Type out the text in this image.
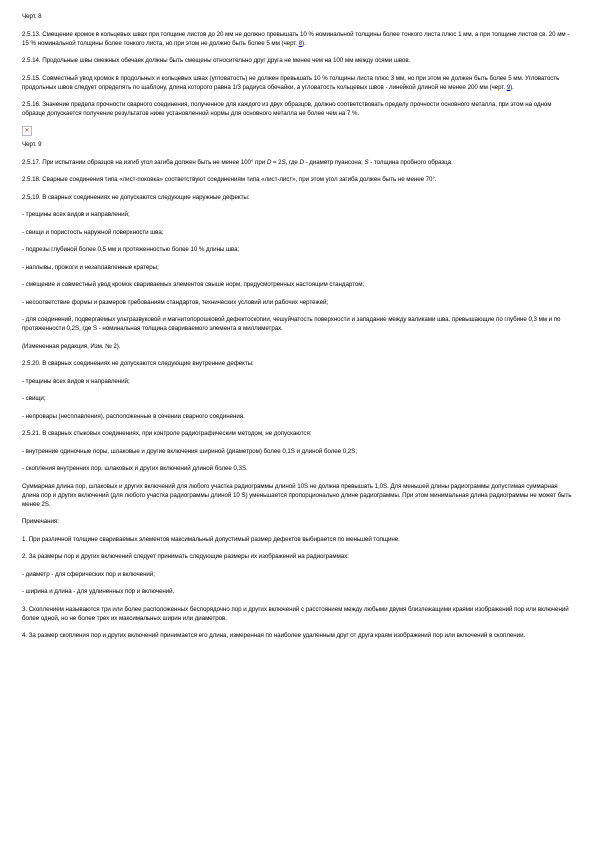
Черт. 8

2.5.13. Смещение кромок в кольцевых швах при толщине листов до 20 мм не должно превышать 10 % номинальной толщины более тонкого листа плюс 1 мм, а при толщине листов св. 20 мм - 15 % номинальной толщины более тонкого листа, но при этом не должно быть более 5 мм (черт. 8).

2.5.14. Продольные швы смежных обечаек должны быть смещены относительно друг друга не менее чем на 100 мм между осями швов.

2.5.15. Совместный увод кромок в продольных и кольцевых швах (угловатость) не должен превышать 10 % толщины листа плюс 3 мм, но при этом не должен быть более 5 мм. Угловатость продольных швов следует определять по шаблону, длина которого равна 1/3 радиуса обечайки, а угловатость кольцевых швов - линейкой длиной не менее 200 мм (черт. 9).

2.5.16. Значение предела прочности сварного соединения, полученное для каждого из двух образцов, должно соответствовать пределу прочности основного металла, при этом на одном образце допускается получение результатов ниже установленной нормы для основного металла не более чем на 7 %.

✕

Черт. 9

2.5.17. При испытании образцов на изгиб угол загиба должен быть не менее 100° при D = 2S, где D - диаметр пуансона; S - толщина пробного образца.

2.5.18. Сварные соединения типа «лист-поковка» соответствуют соединениям типа «лист-лист», при этом угол загиба должен быть не менее 70°.

2.5.19. В сварных соединениях не допускаются следующие наружные дефекты:

- трещины всех видов и направлений;

- свищи и пористость наружной поверхности шва;

- подрезы глубиной более 0,5 мм и протяженностью более 10 % длины шва;

- наплывы, прожоги и незаплавленные кратеры;

- смещение и совместный увод кромок свариваемых элементов свыше норм, предусмотренных настоящим стандартом;

- несоответствие формы и размеров требованиям стандартов, технических условий или рабочих чертежей;

- для соединений, подвергаемых ультразвуковой и магнитопорошковой дефектоскопии, чешуйчатость поверхности и западание между валиками шва, превышающие по глубине 0,3 мм и по протяженности 0,2S, где S - номинальная толщина свариваемого элемента в миллиметрах.

(Измененная редакция, Изм. № 2).

2.5.20. В сварных соединениях не допускаются следующие внутренние дефекты:

- трещины всех видов и направлений;

- свищи;

- непровары (несплавления), расположенные в сечении сварного соединения.

2.5.21. В сварных стыковых соединениях, при контроле радиографическим методом, не допускаются:

- внутренние одиночные поры, шлаковые и другие включения шириной (диаметром) более 0,1S и длиной более 0,2S;

- скопления внутренних пор, шлаковых и других включений длиной более 0,3S.

Суммарная длина пор, шлаковых и других включений для любого участка радиограммы длиной 10S не должна превышать 1,0S. Для меньшей длины радиограммы допустимая суммарная длина пор и других включений (для любого участка радиограммы длиной 10 S) уменьшается пропорционально длине радиограммы. При этом минимальная длина радиограммы не может быть менее 2S.

Примечания:

1. При различной толщине свариваемых элементов максимальный допустимый размер дефектов выбирается по меньшей толщине.

2. За размеры пор и других включений следует принимать следующие размеры их изображений на радиограммах:

- диаметр - для сферических пор и включений;

- ширина и длина - для удлиненных пор и включений.

3. Скоплением называются три или более расположенных беспорядочно пор и других включений с расстоянием между любыми двумя близлежащими краями изображений пор или включений более одной, но не более трех их максимальных ширин или диаметров.

4. За размер скопления пор и других включений принимается его длина, измеренная по наиболее удаленным друг от друга краям изображений пор или включений в скоплении.
